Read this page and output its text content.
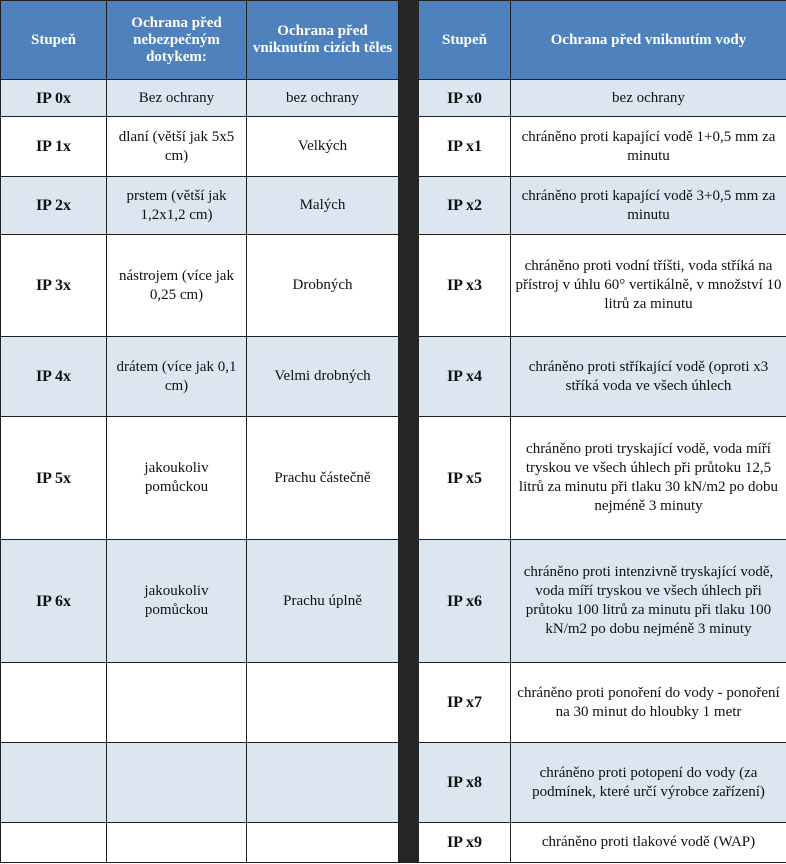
Stupeň	Ochrana před nebezpečným dotykem:	Ochrana před vniknutím cizích těles		Stupeň	Ochrana před vniknutím vody
IP 0x	Bez ochrany	bez ochrany		IP x0	bez ochrany
IP 1x	dlaní (větší jak 5x5 cm)	Velkých		IP x1	chráněno proti kapající vodě 1+0,5 mm za minutu
IP 2x	prstem (větší jak 1,2x1,2 cm)	Malých		IP x2	chráněno proti kapající vodě 3+0,5 mm za minutu
IP 3x	nástrojem (více jak 0,25 cm)	Drobných		IP x3	chráněno proti vodní tříšti, voda stříká na přístroj v úhlu 60° vertikálně, v množství 10 litrů za minutu
IP 4x	drátem (více jak 0,1 cm)	Velmi drobných		IP x4	chráněno proti stříkající vodě (oproti x3 stříká voda ve všech úhlech
IP 5x	jakoukoliv pomůckou	Prachu částečně		IP x5	chráněno proti tryskající vodě, voda míří tryskou ve všech úhlech při průtoku 12,5 litrů za minutu při tlaku 30 kN/m2 po dobu nejméně 3 minuty
IP 6x	jakoukoliv pomůckou	Prachu úplně		IP x6	chráněno proti intenzivně tryskající vodě, voda míří tryskou ve všech úhlech při průtoku 100 litrů za minutu při tlaku 100 kN/m2 po dobu nejméně 3 minuty
				IP x7	chráněno proti ponoření do vody - ponoření na 30 minut do hloubky 1 metr
				IP x8	chráněno proti potopení do vody (za podmínek, které určí výrobce zařízení)
				IP x9	chráněno proti tlakové vodě (WAP)
